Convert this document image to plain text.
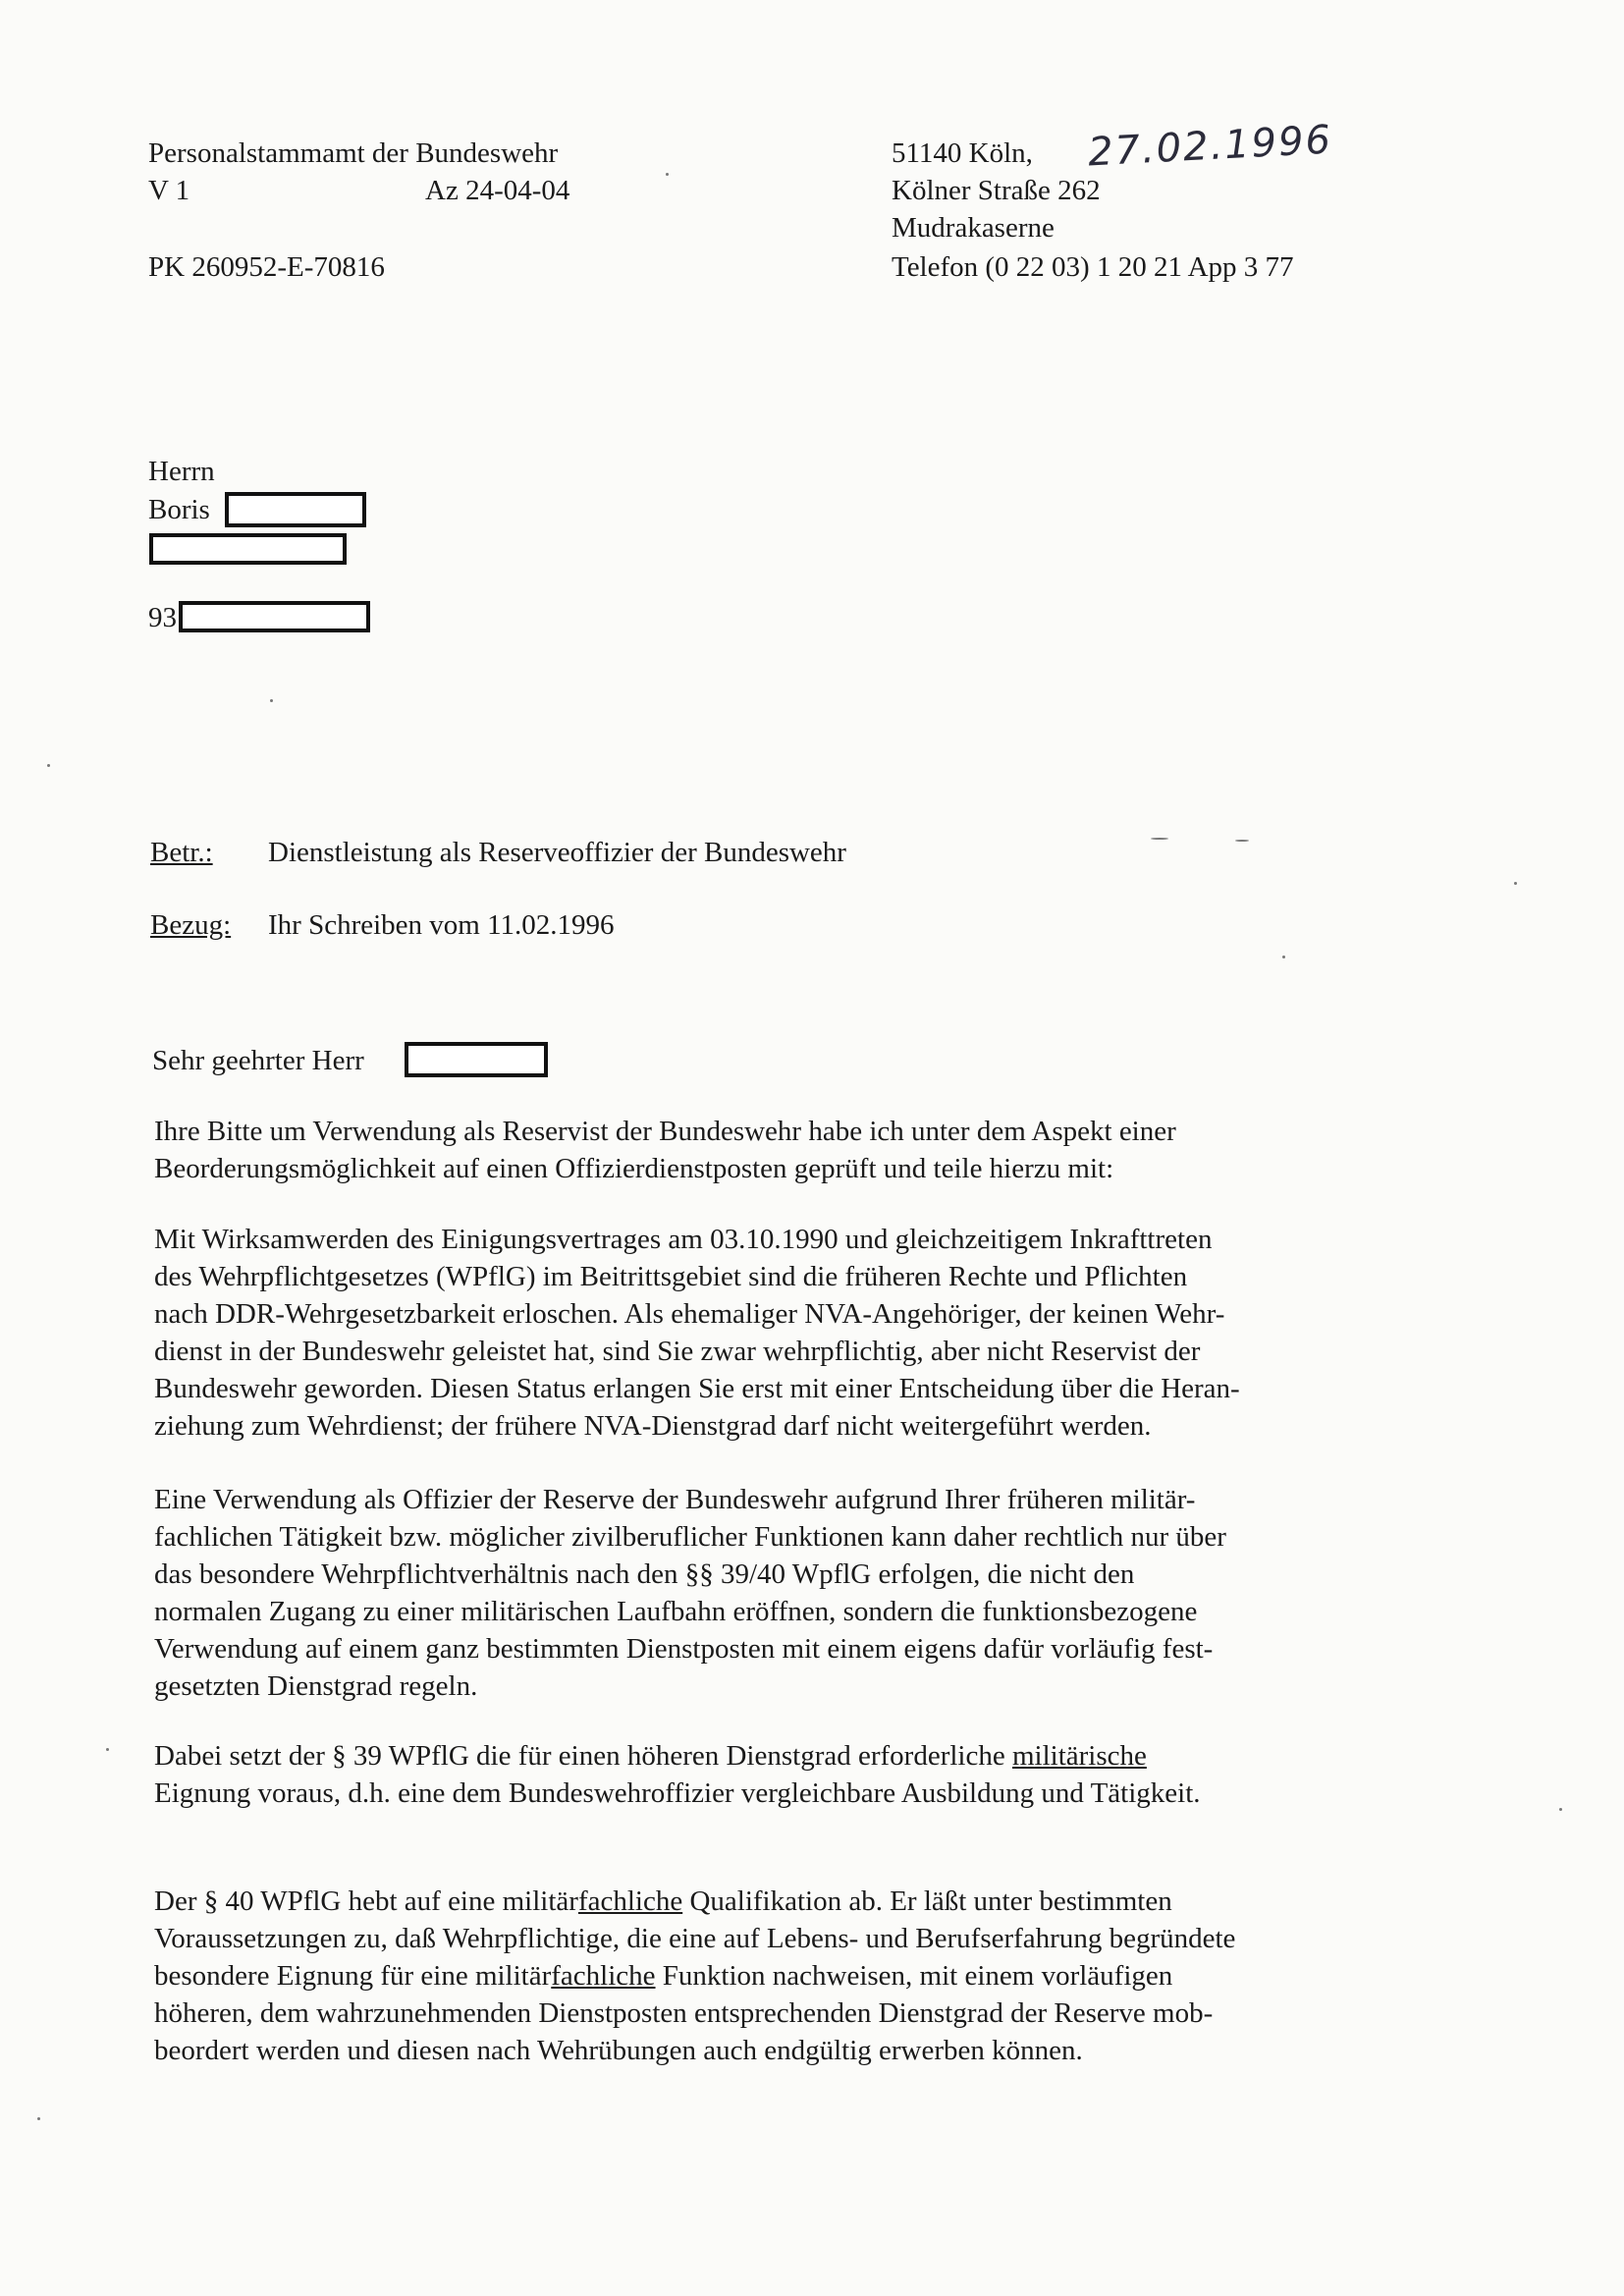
Personalstammamt der Bundeswehr
V 1	Az 24-04-04
PK 260952-E-70816
51140 Köln, 27.02.1996
Kölner Straße 262
Mudrakaserne
Telefon (0 22 03) 1 20 21 App 3 77
Herrn
Boris
93
Betr.: Dienstleistung als Reserveoffizier der Bundeswehr
Bezug: Ihr Schreiben vom 11.02.1996
Sehr geehrter Herr
Ihre Bitte um Verwendung als Reservist der Bundeswehr habe ich unter dem Aspekt einer
Beorderungsmöglichkeit auf einen Offizierdienstposten geprüft und teile hierzu mit:
Mit Wirksamwerden des Einigungsvertrages am 03.10.1990 und gleichzeitigem Inkrafttreten
des Wehrpflichtgesetzes (WPflG) im Beitrittsgebiet sind die früheren Rechte und Pflichten
nach DDR-Wehrgesetzbarkeit erloschen. Als ehemaliger NVA-Angehöriger, der keinen Wehr-
dienst in der Bundeswehr geleistet hat, sind Sie zwar wehrpflichtig, aber nicht Reservist der
Bundeswehr geworden. Diesen Status erlangen Sie erst mit einer Entscheidung über die Heran-
ziehung zum Wehrdienst; der frühere NVA-Dienstgrad darf nicht weitergeführt werden.
Eine Verwendung als Offizier der Reserve der Bundeswehr aufgrund Ihrer früheren militär-
fachlichen Tätigkeit bzw. möglicher zivilberuflicher Funktionen kann daher rechtlich nur über
das besondere Wehrpflichtverhältnis nach den §§ 39/40 WpflG erfolgen, die nicht den
normalen Zugang zu einer militärischen Laufbahn eröffnen, sondern die funktionsbezogene
Verwendung auf einem ganz bestimmten Dienstposten mit einem eigens dafür vorläufig fest-
gesetzten Dienstgrad regeln.
Dabei setzt der § 39 WPflG die für einen höheren Dienstgrad erforderliche militärische
Eignung voraus, d.h. eine dem Bundeswehroffizier vergleichbare Ausbildung und Tätigkeit.
Der § 40 WPflG hebt auf eine militärfachliche Qualifikation ab. Er läßt unter bestimmten
Voraussetzungen zu, daß Wehrpflichtige, die eine auf Lebens- und Berufserfahrung begründete
besondere Eignung für eine militärfachliche Funktion nachweisen, mit einem vorläufigen
höheren, dem wahrzunehmenden Dienstposten entsprechenden Dienstgrad der Reserve mob-
beordert werden und diesen nach Wehrübungen auch endgültig erwerben können.
